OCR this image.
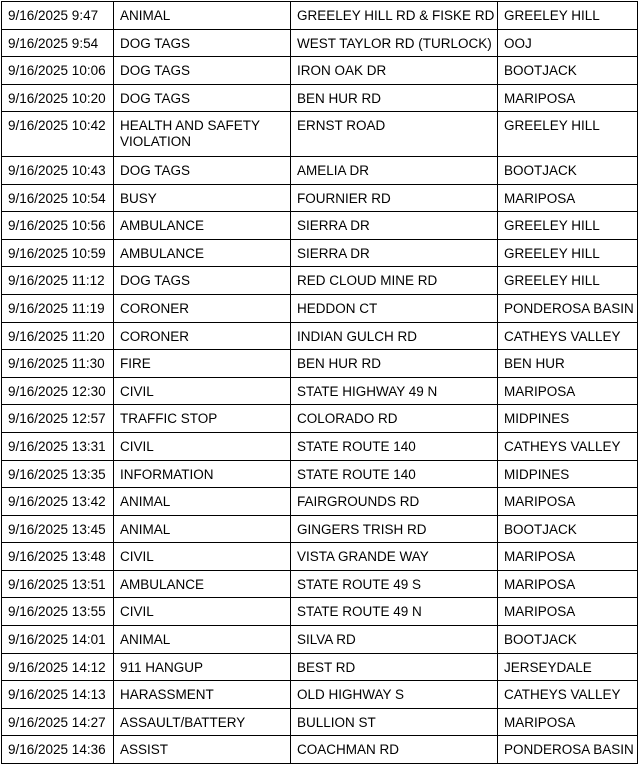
9/16/2025 9:47	ANIMAL	GREELEY HILL RD & FISKE RD	GREELEY HILL
9/16/2025 9:54	DOG TAGS	WEST TAYLOR RD (TURLOCK)	OOJ
9/16/2025 10:06	DOG TAGS	IRON OAK DR	BOOTJACK
9/16/2025 10:20	DOG TAGS	BEN HUR RD	MARIPOSA
9/16/2025 10:42	HEALTH AND SAFETY VIOLATION	ERNST ROAD	GREELEY HILL
9/16/2025 10:43	DOG TAGS	AMELIA DR	BOOTJACK
9/16/2025 10:54	BUSY	FOURNIER RD	MARIPOSA
9/16/2025 10:56	AMBULANCE	SIERRA DR	GREELEY HILL
9/16/2025 10:59	AMBULANCE	SIERRA DR	GREELEY HILL
9/16/2025 11:12	DOG TAGS	RED CLOUD MINE RD	GREELEY HILL
9/16/2025 11:19	CORONER	HEDDON CT	PONDEROSA BASIN
9/16/2025 11:20	CORONER	INDIAN GULCH RD	CATHEYS VALLEY
9/16/2025 11:30	FIRE	BEN HUR RD	BEN HUR
9/16/2025 12:30	CIVIL	STATE HIGHWAY 49 N	MARIPOSA
9/16/2025 12:57	TRAFFIC STOP	COLORADO RD	MIDPINES
9/16/2025 13:31	CIVIL	STATE ROUTE 140	CATHEYS VALLEY
9/16/2025 13:35	INFORMATION	STATE ROUTE 140	MIDPINES
9/16/2025 13:42	ANIMAL	FAIRGROUNDS RD	MARIPOSA
9/16/2025 13:45	ANIMAL	GINGERS TRISH RD	BOOTJACK
9/16/2025 13:48	CIVIL	VISTA GRANDE WAY	MARIPOSA
9/16/2025 13:51	AMBULANCE	STATE ROUTE 49 S	MARIPOSA
9/16/2025 13:55	CIVIL	STATE ROUTE 49 N	MARIPOSA
9/16/2025 14:01	ANIMAL	SILVA RD	BOOTJACK
9/16/2025 14:12	911 HANGUP	BEST RD	JERSEYDALE
9/16/2025 14:13	HARASSMENT	OLD HIGHWAY S	CATHEYS VALLEY
9/16/2025 14:27	ASSAULT/BATTERY	BULLION ST	MARIPOSA
9/16/2025 14:36	ASSIST	COACHMAN RD	PONDEROSA BASIN
